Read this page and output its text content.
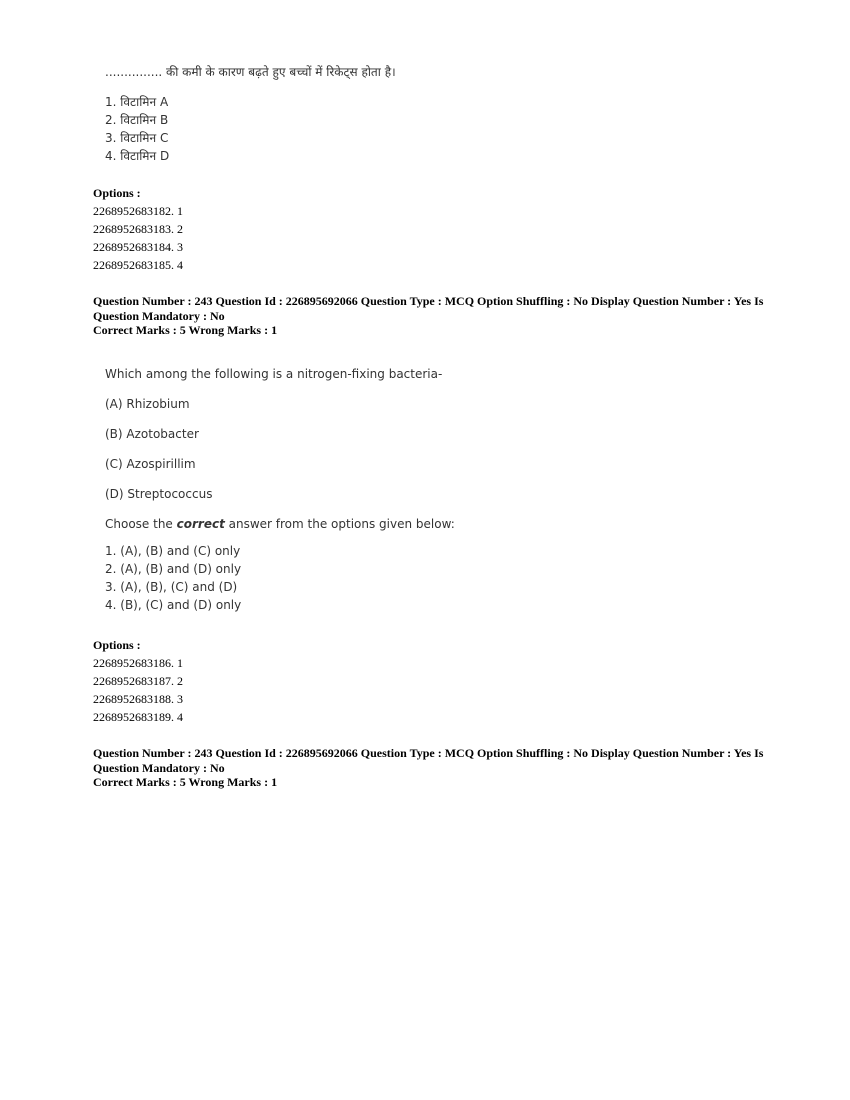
............... की कमी के कारण बढ़ते हुए बच्चों में रिकेट्स होता है।
1. विटामिन A
2. विटामिन B
3. विटामिन C
4. विटामिन D
Options :
2268952683182. 1
2268952683183. 2
2268952683184. 3
2268952683185. 4
Question Number : 243 Question Id : 226895692066 Question Type : MCQ Option Shuffling : No Display Question Number : Yes Is Question Mandatory : No
Correct Marks : 5 Wrong Marks : 1

Which among the following is a nitrogen-fixing bacteria-

(A) Rhizobium

(B) Azotobacter

(C) Azospirillim

(D) Streptococcus

Choose the correct answer from the options given below:

1. (A), (B) and (C) only
2. (A), (B) and (D) only
3. (A), (B), (C) and (D)
4. (B), (C) and (D) only
Options :
2268952683186. 1
2268952683187. 2
2268952683188. 3
2268952683189. 4
Question Number : 243 Question Id : 226895692066 Question Type : MCQ Option Shuffling : No Display Question Number : Yes Is Question Mandatory : No
Correct Marks : 5 Wrong Marks : 1
